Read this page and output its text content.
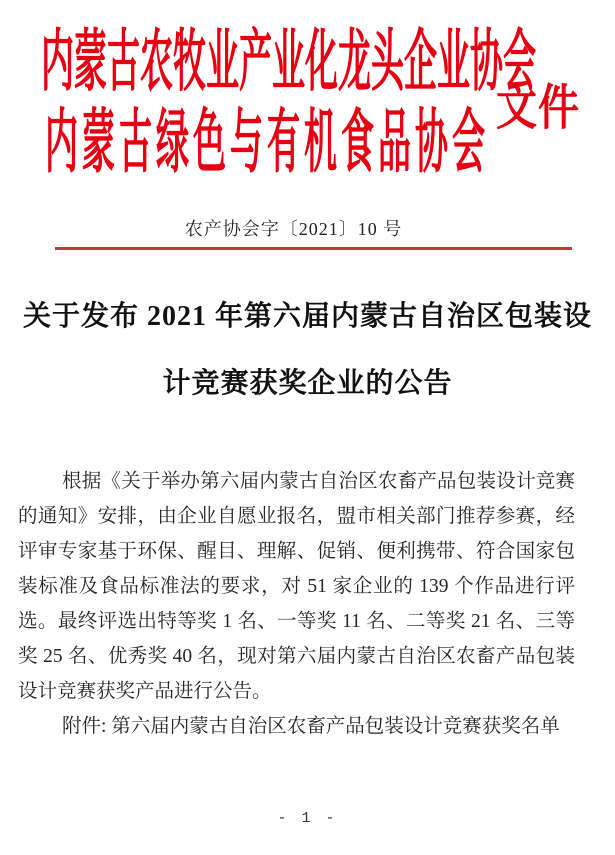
内蒙古农牧业产业化龙头企业协会
内蒙古绿色与有机食品协会 文件
农产协会字〔2021〕10 号
关于发布 2021 年第六届内蒙古自治区包装设
计竞赛获奖企业的公告
根据《关于举办第六届内蒙古自治区农畜产品包装设计竞赛
的通知》安排，由企业自愿业报名，盟市相关部门推荐参赛，经
评审专家基于环保、醒目、理解、促销、便利携带、符合国家包
装标准及食品标准法的要求，对 51 家企业的 139 个作品进行评
选。最终评选出特等奖 1 名、一等奖 11 名、二等奖 21 名、三等
奖 25 名、优秀奖 40 名，现对第六届内蒙古自治区农畜产品包装
设计竞赛获奖产品进行公告。
附件: 第六届内蒙古自治区农畜产品包装设计竞赛获奖名单
- 1 -
